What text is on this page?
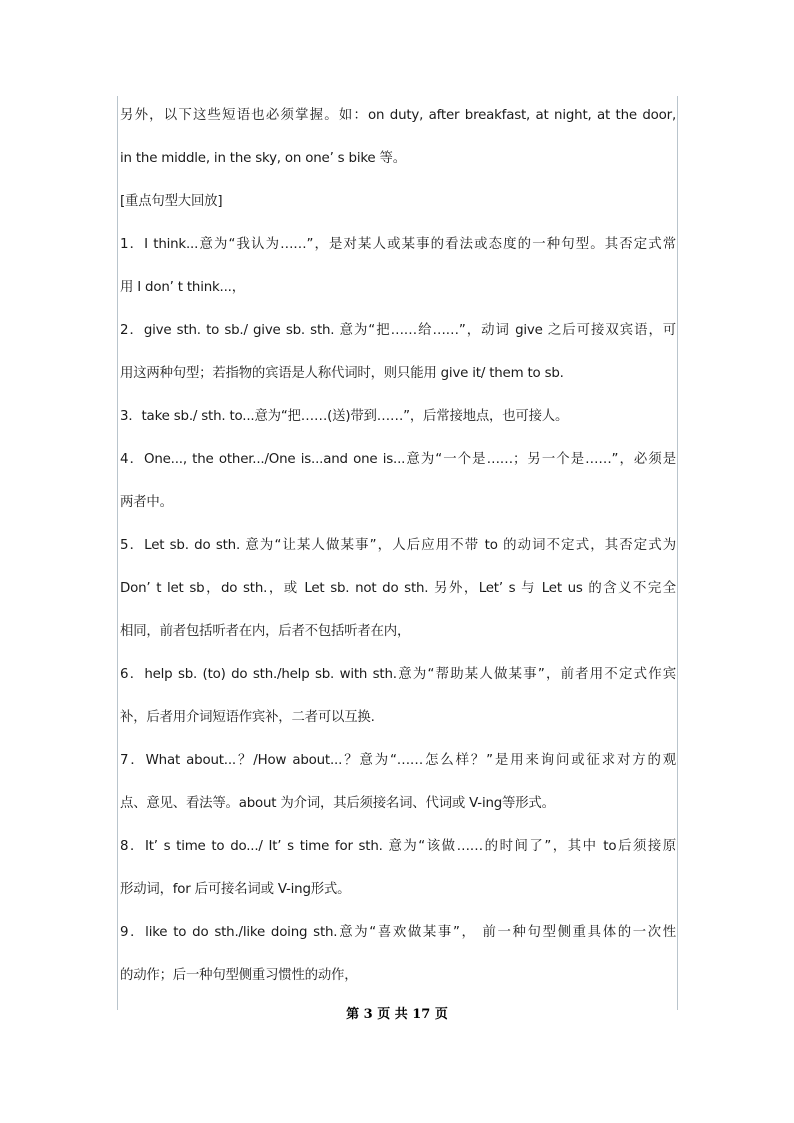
另外，以下这些短语也必须掌握。如：on duty, after breakfast, at night, at the door,
in the middle, in the sky, on one’ s bike 等。
[重点句型大回放]
1．I think...意为“我认为……”，是对某人或某事的看法或态度的一种句型。其否定式常
用 I don’ t think...，
2．give sth. to sb./ give sb. sth. 意为“把……给……”，动词 give 之后可接双宾语，可
用这两种句型；若指物的宾语是人称代词时，则只能用 give it/ them to sb.
3．take sb./ sth. to...意为“把……(送)带到……”，后常接地点，也可接人。
4．One..., the other.../One is...and one is...意为“一个是……；另一个是……”，必须是
两者中。
5．Let sb. do sth. 意为“让某人做某事”，人后应用不带 to 的动词不定式，其否定式为
Don’ t let sb，do sth.，或 Let sb. not do sth. 另外，Let’ s 与 Let us 的含义不完全
相同，前者包括听者在内，后者不包括听者在内，
6．help sb. (to) do sth./help sb. with sth.意为“帮助某人做某事”，前者用不定式作宾
补，后者用介词短语作宾补，二者可以互换.
7．What about...？/How about...？意为“……怎么样？”是用来询问或征求对方的观
点、意见、看法等。about 为介词，其后须接名词、代词或 V-ing等形式。
8．It’ s time to do.../ It’ s time for sth. 意为“该做……的时间了”，其中 to后须接原
形动词，for 后可接名词或 V-ing形式。
9．like to do sth./like doing sth.意为“喜欢做某事”， 前一种句型侧重具体的一次性
的动作；后一种句型侧重习惯性的动作，
第 3 页 共 17 页
